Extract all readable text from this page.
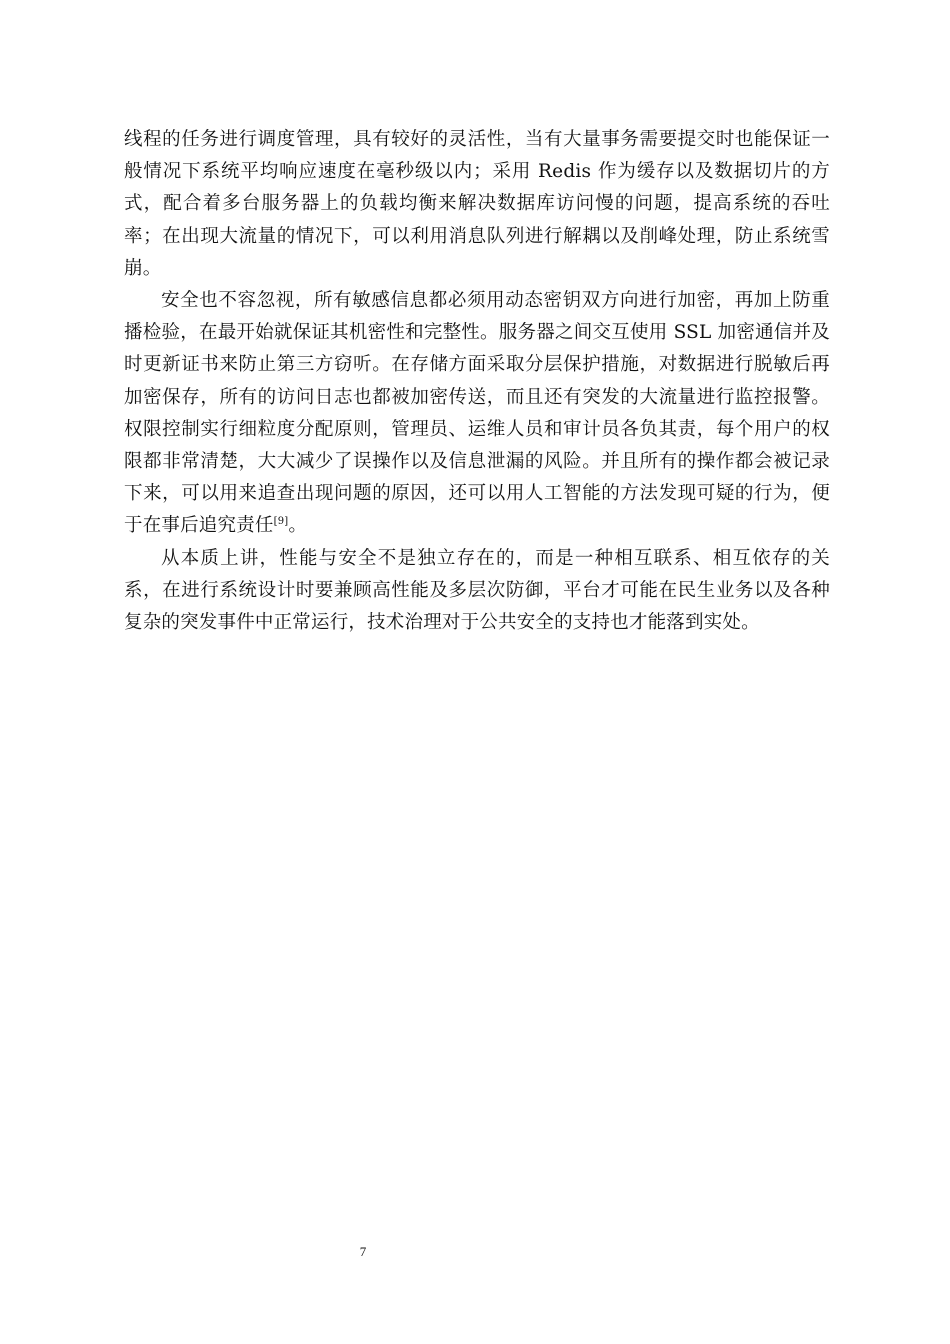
线程的任务进行调度管理，具有较好的灵活性，当有大量事务需要提交时也能保证一般情况下系统平均响应速度在毫秒级以内；采用 Redis 作为缓存以及数据切片的方式，配合着多台服务器上的负载均衡来解决数据库访问慢的问题，提高系统的吞吐率；在出现大流量的情况下，可以利用消息队列进行解耦以及削峰处理，防止系统雪崩。

安全也不容忽视，所有敏感信息都必须用动态密钥双方向进行加密，再加上防重播检验，在最开始就保证其机密性和完整性。服务器之间交互使用 SSL 加密通信并及时更新证书来防止第三方窃听。在存储方面采取分层保护措施，对数据进行脱敏后再加密保存，所有的访问日志也都被加密传送，而且还有突发的大流量进行监控报警。权限控制实行细粒度分配原则，管理员、运维人员和审计员各负其责，每个用户的权限都非常清楚，大大减少了误操作以及信息泄漏的风险。并且所有的操作都会被记录下来，可以用来追查出现问题的原因，还可以用人工智能的方法发现可疑的行为，便于在事后追究责任[9]。

从本质上讲，性能与安全不是独立存在的，而是一种相互联系、相互依存的关系，在进行系统设计时要兼顾高性能及多层次防御，平台才可能在民生业务以及各种复杂的突发事件中正常运行，技术治理对于公共安全的支持也才能落到实处。

7
